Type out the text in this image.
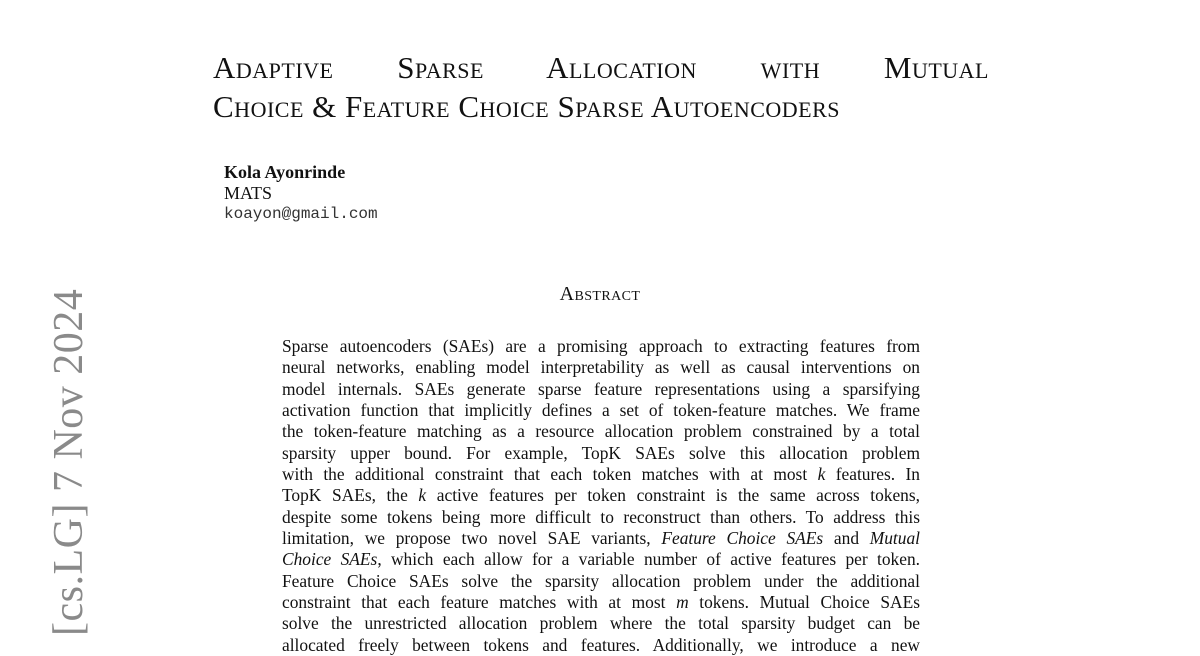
Adaptive Sparse Allocation with Mutual
Choice & Feature Choice Sparse Autoencoders
Kola Ayonrinde
MATS
koayon@gmail.com
Abstract
Sparse autoencoders (SAEs) are a promising approach to extracting features from
neural networks, enabling model interpretability as well as causal interventions on
model internals. SAEs generate sparse feature representations using a sparsifying
activation function that implicitly defines a set of token-feature matches. We frame
the token-feature matching as a resource allocation problem constrained by a total
sparsity upper bound. For example, TopK SAEs solve this allocation problem
with the additional constraint that each token matches with at most k features. In
TopK SAEs, the k active features per token constraint is the same across tokens,
despite some tokens being more difficult to reconstruct than others. To address this
limitation, we propose two novel SAE variants, Feature Choice SAEs and Mutual
Choice SAEs, which each allow for a variable number of active features per token.
Feature Choice SAEs solve the sparsity allocation problem under the additional
constraint that each feature matches with at most m tokens. Mutual Choice SAEs
solve the unrestricted allocation problem where the total sparsity budget can be
allocated freely between tokens and features. Additionally, we introduce a new
[cs.LG] 7 Nov 2024
